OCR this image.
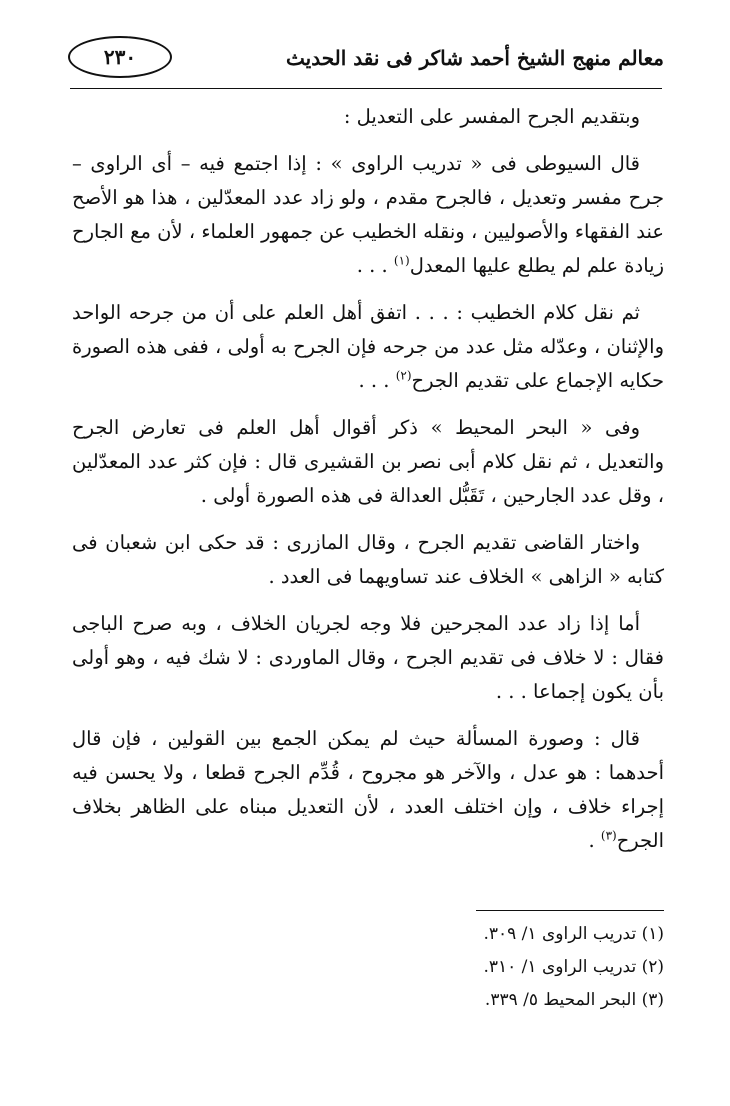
٢٣٠	معالم منهج الشيخ أحمد شاكر فى نقد الحديث

وبتقديم الجرح المفسر على التعديل :

قال السيوطى فى « تدريب الراوى » : إذا اجتمع فيه – أى الراوى – جرح مفسر وتعديل ، فالجرح مقدم ، ولو زاد عدد المعدّلين ، هذا هو الأصح عند الفقهاء والأصوليين ، ونقله الخطيب عن جمهور العلماء ، لأن مع الجارح زيادة علم لم يطلع عليها المعدل$^{(١)}$ . . .

ثم نقل كلام الخطيب : . . . اتفق أهل العلم على أن من جرحه الواحد والإثنان ، وعدّله مثل عدد من جرحه فإن الجرح به أولى ، ففى هذه الصورة حكايه الإجماع على تقديم الجرح$^{(٢)}$ . . .

وفى « البحر المحيط » ذكر أقوال أهل العلم فى تعارض الجرح والتعديل ، ثم نقل كلام أبى نصر بن القشيرى قال : فإن كثر عدد المعدّلين ، وقل عدد الجارحين ، تَقَبُّل العدالة فى هذه الصورة أولى .

واختار القاضى تقديم الجرح ، وقال المازرى : قد حكى ابن شعبان فى كتابه « الزاهى » الخلاف عند تساويهما فى العدد .

أما إذا زاد عدد المجرحين فلا وجه لجريان الخلاف ، وبه صرح الباجى فقال : لا خلاف فى تقديم الجرح ، وقال الماوردى : لا شك فيه ، وهو أولى بأن يكون إجماعا . . .

قال : وصورة المسألة حيث لم يمكن الجمع بين القولين ، فإن قال أحدهما : هو عدل ، والآخر هو مجروح ، قُدِّم الجرح قطعا ، ولا يحسن فيه إجراء خلاف ، وإن اختلف العدد ، لأن التعديل مبناه على الظاهر بخلاف الجرح$^{(٣)}$ .

(١) تدريب الراوى ١/ ٣٠٩.
(٢) تدريب الراوى ١/ ٣١٠.
(٣) البحر المحيط ٥/ ٣٣٩.
